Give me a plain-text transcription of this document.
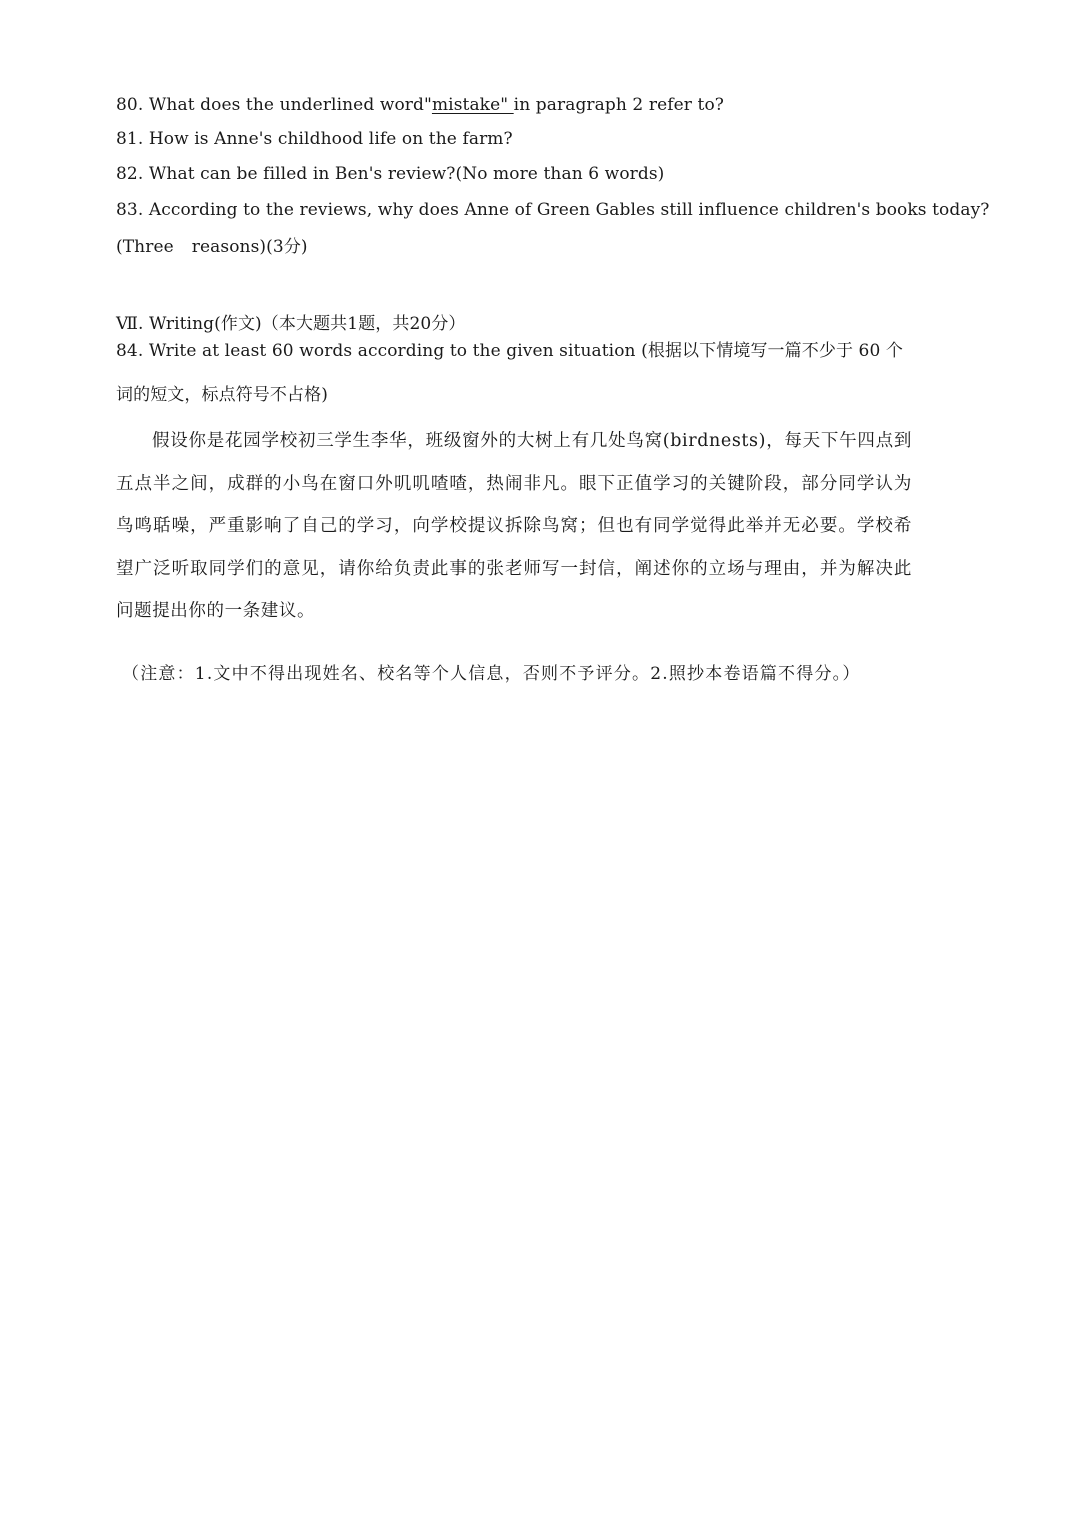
80. What does the underlined word"mistake" in paragraph 2 refer to?
81. How is Anne's childhood life on the farm?
82. What can be filled in Ben's review?(No more than 6 words)
83. According to the reviews, why does Anne of Green Gables still influence children's books today?
(Three reasons)(3分)
Ⅶ. Writing(作文)（本大题共1题，共20分）
84. Write at least 60 words according to the given situation (根据以下情境写一篇不少于 60 个
词的短文，标点符号不占格)
假设你是花园学校初三学生李华，班级窗外的大树上有几处鸟窝(birdnests)，每天下午四点到五点半之间，成群的小鸟在窗口外叽叽喳喳，热闹非凡。眼下正值学习的关键阶段，部分同学认为鸟鸣聒噪，严重影响了自己的学习，向学校提议拆除鸟窝；但也有同学觉得此举并无必要。学校希望广泛听取同学们的意见，请你给负责此事的张老师写一封信，阐述你的立场与理由，并为解决此问题提出你的一条建议。
（注意：1.文中不得出现姓名、校名等个人信息，否则不予评分。2.照抄本卷语篇不得分。）
